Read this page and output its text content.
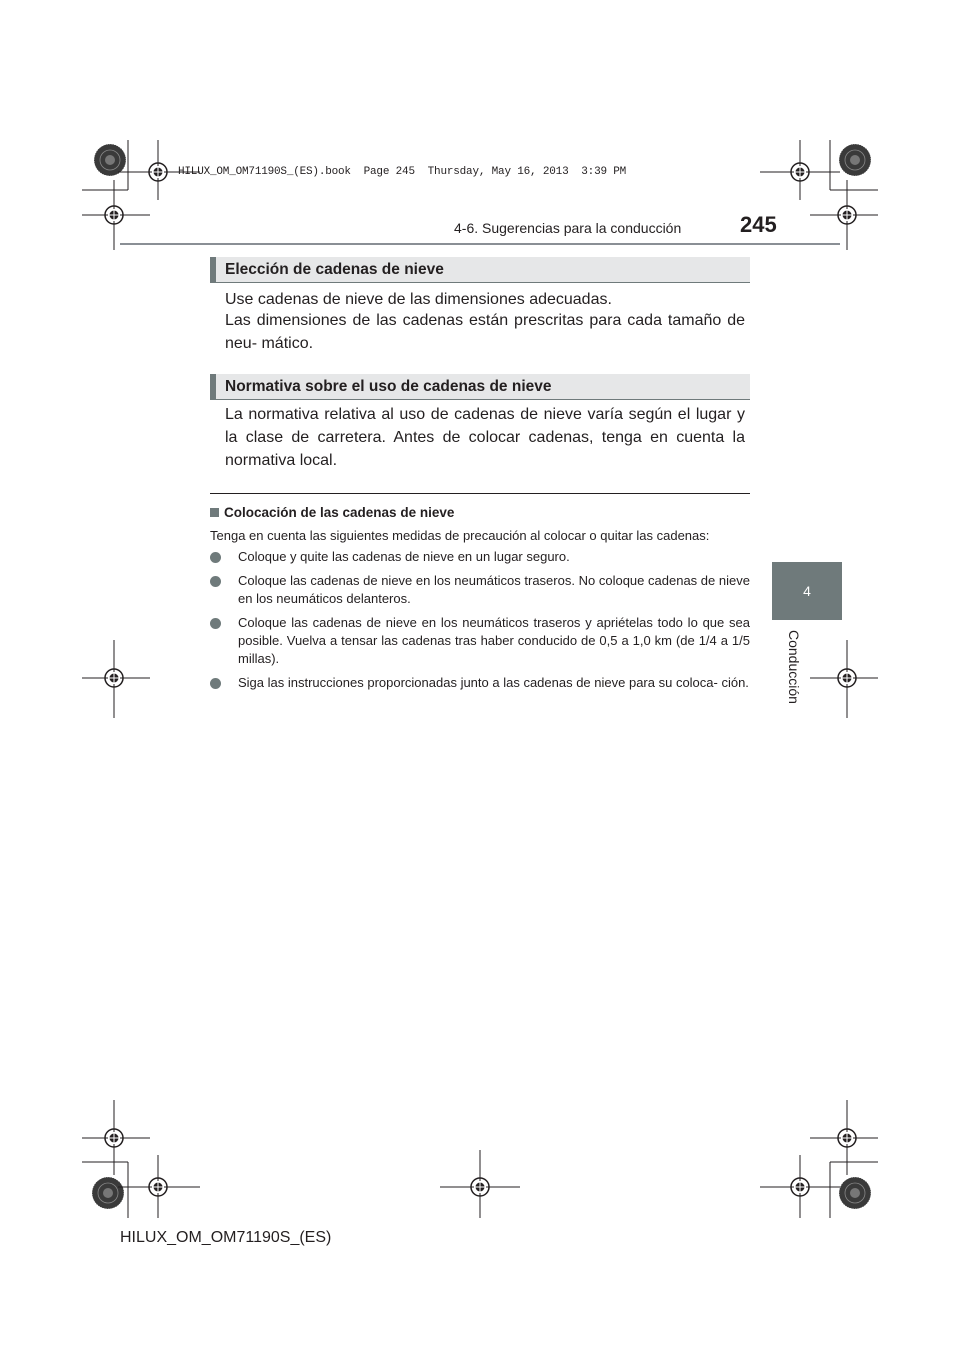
HILUX_OM_OM71190S_(ES).book  Page 245  Thursday, May 16, 2013  3:39 PM
4-6. Sugerencias para la conducción	245
4
Conducción
Elección de cadenas de nieve
Use cadenas de nieve de las dimensiones adecuadas.
Las dimensiones de las cadenas están prescritas para cada tamaño de neu- mático.
Normativa sobre el uso de cadenas de nieve
La normativa relativa al uso de cadenas de nieve varía según el lugar y la clase de carretera. Antes de colocar cadenas, tenga en cuenta la normativa local.
Colocación de las cadenas de nieve
Tenga en cuenta las siguientes medidas de precaución al colocar o quitar las cadenas:
Coloque y quite las cadenas de nieve en un lugar seguro.
Coloque las cadenas de nieve en los neumáticos traseros. No coloque cadenas de nieve en los neumáticos delanteros.
Coloque las cadenas de nieve en los neumáticos traseros y apriételas todo lo que sea posible. Vuelva a tensar las cadenas tras haber conducido de 0,5 a 1,0 km (de 1/4 a 1/5 millas).
Siga las instrucciones proporcionadas junto a las cadenas de nieve para su coloca- ción.
HILUX_OM_OM71190S_(ES)
